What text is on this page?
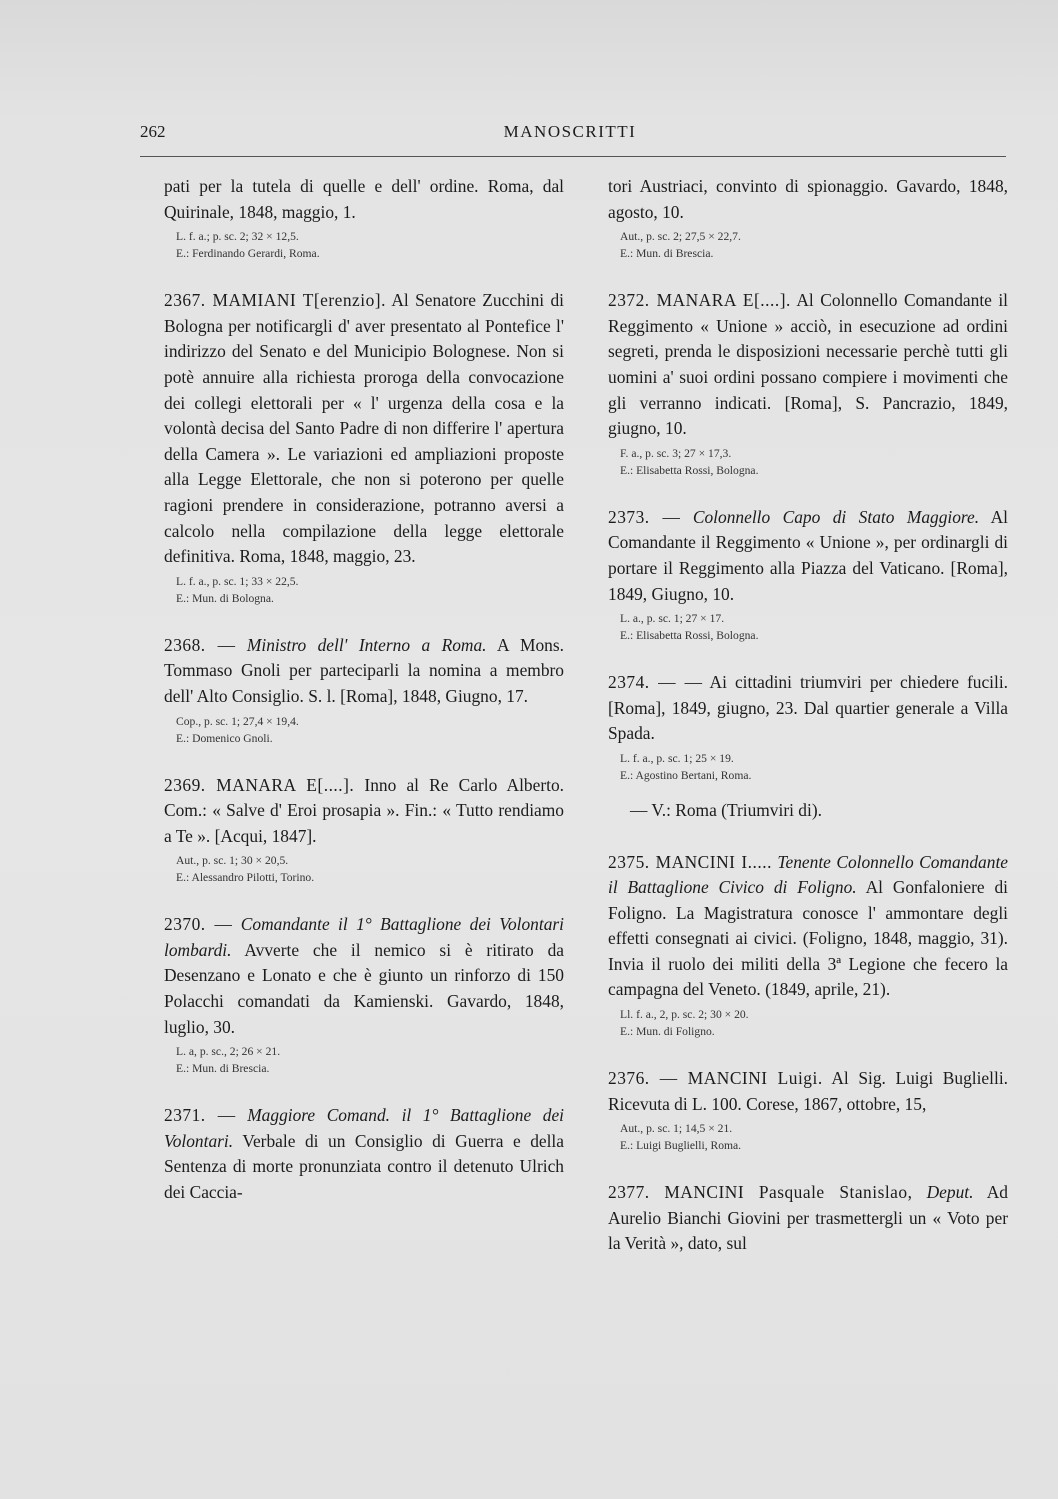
262	MANOSCRITTI

pati per la tutela di quelle e dell' ordine. Roma, dal Quirinale, 1848, maggio, 1.

L. f. a.; p. sc. 2; 32 × 12,5.

E.: Ferdinando Gerardi, Roma.

2367. MAMIANI T[erenzio]. Al Senatore Zucchini di Bologna per notificargli d' aver presentato al Pontefice l' indirizzo del Senato e del Municipio Bolognese. Non si potè annuire alla richiesta proroga della convocazione dei collegi elettorali per « l' urgenza della cosa e la volontà decisa del Santo Padre di non differire l' apertura della Camera ». Le variazioni ed ampliazioni proposte alla Legge Elettorale, che non si poterono per quelle ragioni prendere in considerazione, potranno aversi a calcolo nella compilazione della legge elettorale definitiva. Roma, 1848, maggio, 23.

L. f. a., p. sc. 1; 33 × 22,5.

E.: Mun. di Bologna.

2368. — Ministro dell' Interno a Roma. A Mons. Tommaso Gnoli per parteciparli la nomina a membro dell' Alto Consiglio. S. l. [Roma], 1848, Giugno, 17.

Cop., p. sc. 1; 27,4 × 19,4.

E.: Domenico Gnoli.

2369. MANARA E[....]. Inno al Re Carlo Alberto. Com.: « Salve d' Eroi prosapia ». Fin.: « Tutto rendiamo a Te ». [Acqui, 1847].

Aut., p. sc. 1; 30 × 20,5.

E.: Alessandro Pilotti, Torino.

2370. — Comandante il 1° Battaglione dei Volontari lombardi. Avverte che il nemico si è ritirato da Desenzano e Lonato e che è giunto un rinforzo di 150 Polacchi comandati da Kamienski. Gavardo, 1848, luglio, 30.

L. a, p. sc., 2; 26 × 21.

E.: Mun. di Brescia.

2371. — Maggiore Comand. il 1° Battaglione dei Volontari. Verbale di un Consiglio di Guerra e della Sentenza di morte pronunziata contro il detenuto Ulrich dei Caccia-

tori Austriaci, convinto di spionaggio. Gavardo, 1848, agosto, 10.

Aut., p. sc. 2; 27,5 × 22,7.

E.: Mun. di Brescia.

2372. MANARA E[....]. Al Colonnello Comandante il Reggimento « Unione » acciò, in esecuzione ad ordini segreti, prenda le disposizioni necessarie perchè tutti gli uomini a' suoi ordini possano compiere i movimenti che gli verranno indicati. [Roma], S. Pancrazio, 1849, giugno, 10.

F. a., p. sc. 3; 27 × 17,3.

E.: Elisabetta Rossi, Bologna.

2373. — Colonnello Capo di Stato Maggiore. Al Comandante il Reggimento « Unione », per ordinargli di portare il Reggimento alla Piazza del Vaticano. [Roma], 1849, Giugno, 10.

L. a., p. sc. 1; 27 × 17.

E.: Elisabetta Rossi, Bologna.

2374. — — Ai cittadini triumviri per chiedere fucili. [Roma], 1849, giugno, 23. Dal quartier generale a Villa Spada.

L. f. a., p. sc. 1; 25 × 19.

E.: Agostino Bertani, Roma.

— V.: Roma (Triumviri di).

2375. MANCINI I..... Tenente Colonnello Comandante il Battaglione Civico di Foligno. Al Gonfaloniere di Foligno. La Magistratura conosce l' ammontare degli effetti consegnati ai civici. (Foligno, 1848, maggio, 31). Invia il ruolo dei militi della 3ª Legione che fecero la campagna del Veneto. (1849, aprile, 21).

Ll. f. a., 2, p. sc. 2; 30 × 20.

E.: Mun. di Foligno.

2376. — MANCINI Luigi. Al Sig. Luigi Buglielli. Ricevuta di L. 100. Corese, 1867, ottobre, 15,

Aut., p. sc. 1; 14,5 × 21.

E.: Luigi Buglielli, Roma.

2377. MANCINI Pasquale Stanislao, Deput. Ad Aurelio Bianchi Giovini per trasmettergli un « Voto per la Verità », dato, sul
